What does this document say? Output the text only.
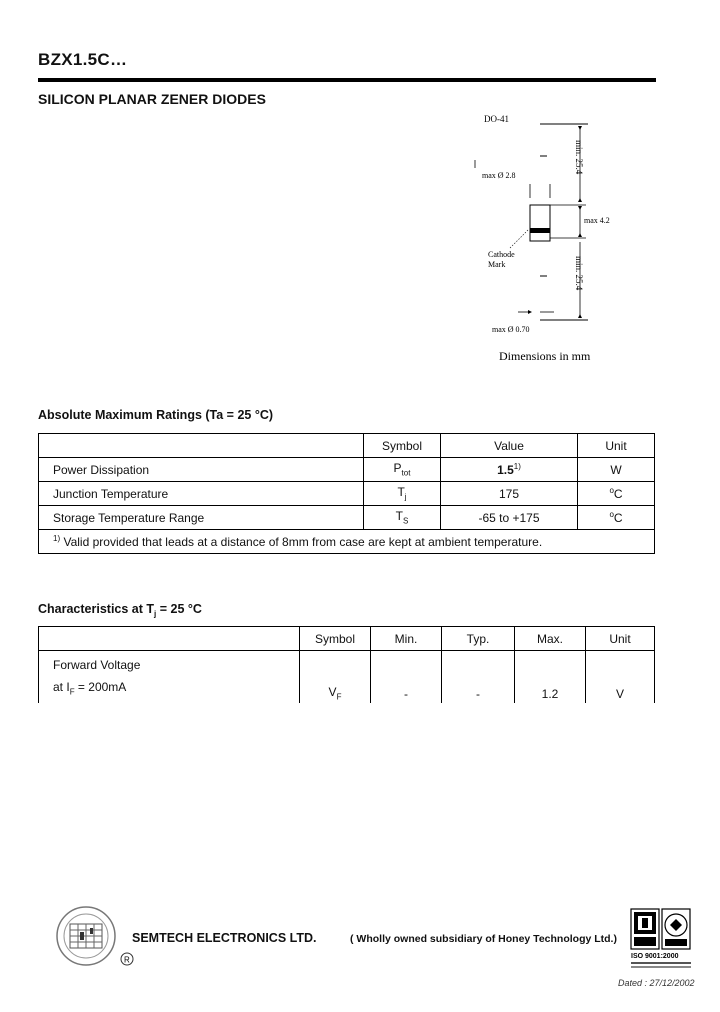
BZX1.5C…
SILICON PLANAR ZENER DIODES
DO-41
min. 25.4
max 4.2
max Ø 2.8
Cathode
Mark	min. 25.4
max Ø 0.70
Dimensions in mm
Absolute Maximum Ratings (Ta = 25 °C)
	Symbol	Value	Unit
Power Dissipation	$P_{tot}$	1.5$^{1)}$	W
Junction Temperature	$T_j$	175	$^o$C
Storage Temperature Range	$T_S$	-65 to +175	$^o$C
$^{1)}$ Valid provided that leads at a distance of 8mm from case are kept at ambient temperature.			
Characteristics at $T_j = 25$ °C
	Symbol	Min.	Typ.	Max.	Unit

Forward Voltage
at $I_F = 200mA$	$V_F$	-	-	1.2	V
R
SEMTECH ELECTRONICS LTD.	( Wholly owned subsidiary of Honey Technology Ltd.)
ISO 9001:2000
Dated : 27/12/2002
